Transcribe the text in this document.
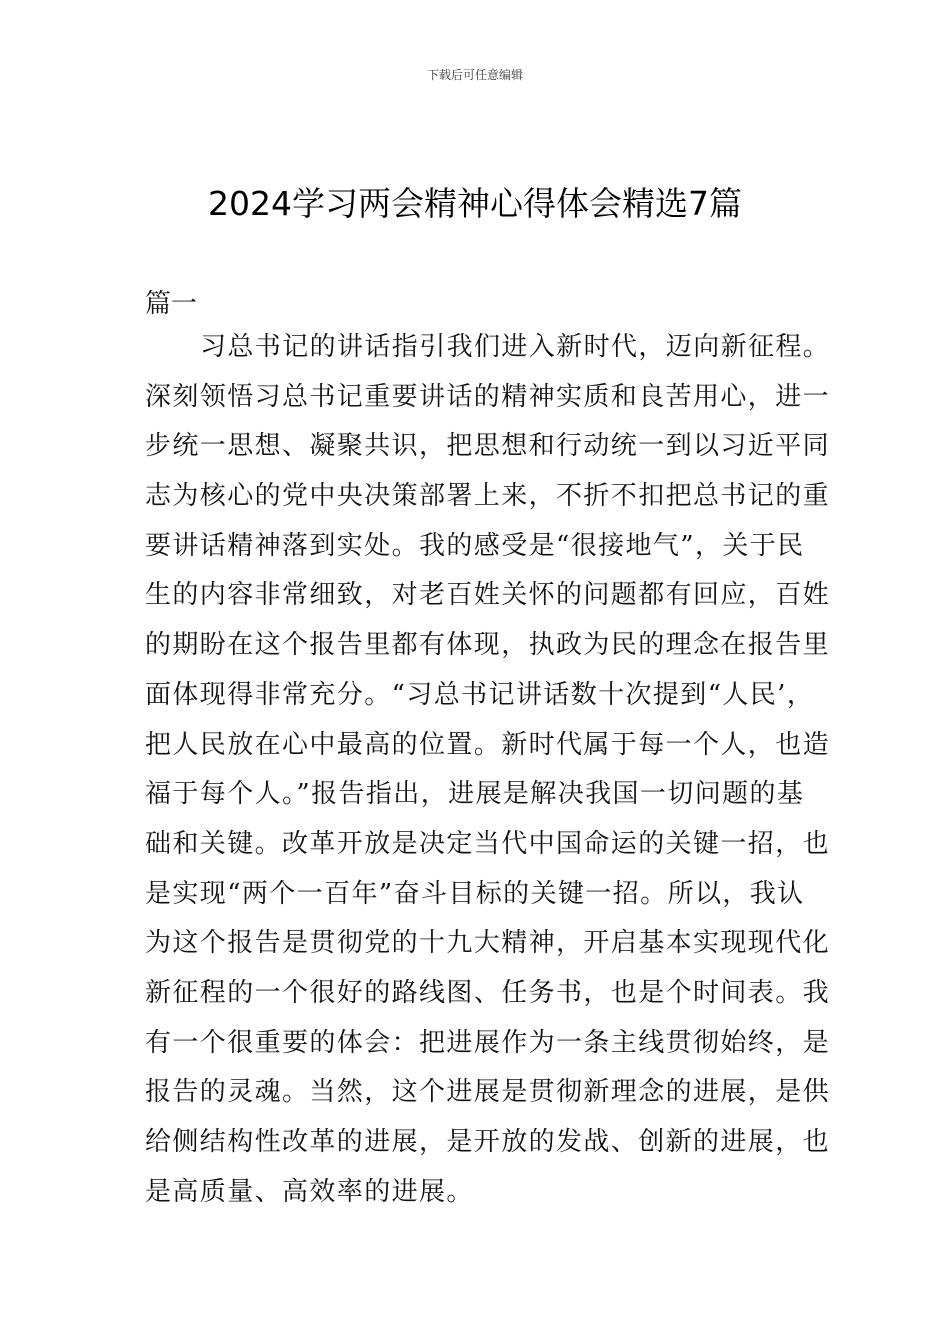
下载后可任意编辑
2024学习两会精神心得体会精选7篇
篇一
习总书记的讲话指引我们进入新时代，迈向新征程。
深刻领悟习总书记重要讲话的精神实质和良苦用心，进一
步统一思想、凝聚共识，把思想和行动统一到以习近平同
志为核心的党中央决策部署上来，不折不扣把总书记的重
要讲话精神落到实处。我的感受是“很接地气”，关于民
生的内容非常细致，对老百姓关怀的问题都有回应，百姓
的期盼在这个报告里都有体现，执政为民的理念在报告里
面体现得非常充分。“习总书记讲话数十次提到“人民’，
把人民放在心中最高的位置。新时代属于每一个人，也造
福于每个人。”报告指出，进展是解决我国一切问题的基
础和关键。改革开放是决定当代中国命运的关键一招，也
是实现“两个一百年”奋斗目标的关键一招。所以，我认
为这个报告是贯彻党的十九大精神，开启基本实现现代化
新征程的一个很好的路线图、任务书，也是个时间表。我
有一个很重要的体会：把进展作为一条主线贯彻始终，是
报告的灵魂。当然，这个进展是贯彻新理念的进展，是供
给侧结构性改革的进展，是开放的发战、创新的进展，也
是高质量、高效率的进展。
